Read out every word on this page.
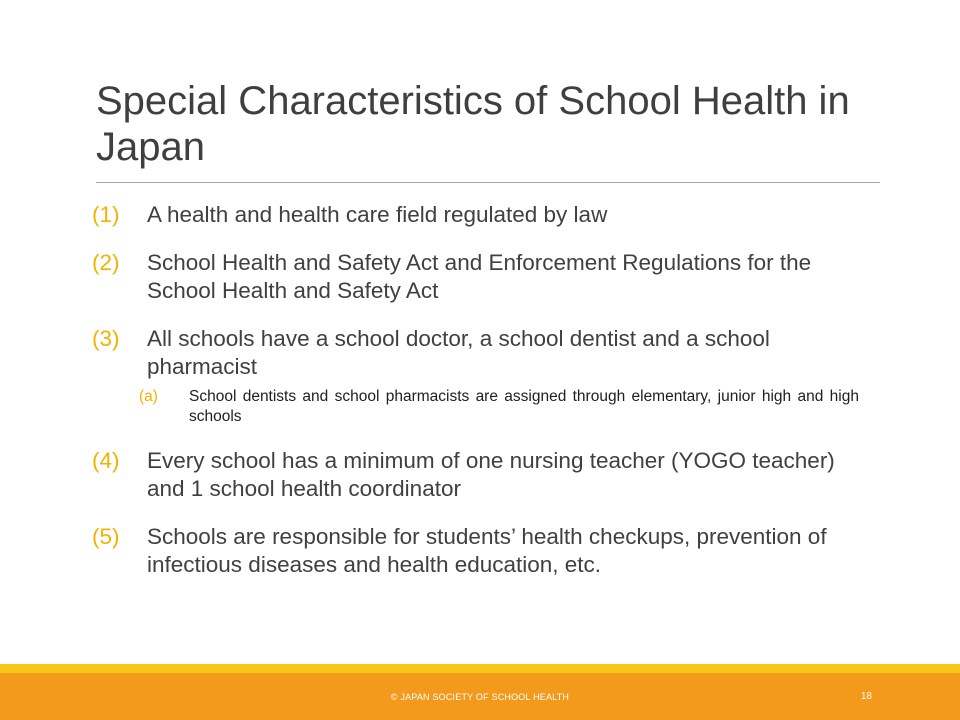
Special Characteristics of School Health in Japan
(1) A health and health care field regulated by law
(2) School Health and Safety Act and Enforcement Regulations for the School Health and Safety Act
(3) All schools have a school doctor, a school dentist and a school pharmacist
(a) School dentists and school pharmacists are assigned through elementary, junior high and high schools
(4) Every school has a minimum of one nursing teacher (YOGO teacher) and 1 school health coordinator
(5) Schools are responsible for students’ health checkups, prevention of infectious diseases and health education, etc.
© JAPAN SOCIETY OF SCHOOL HEALTH	18
